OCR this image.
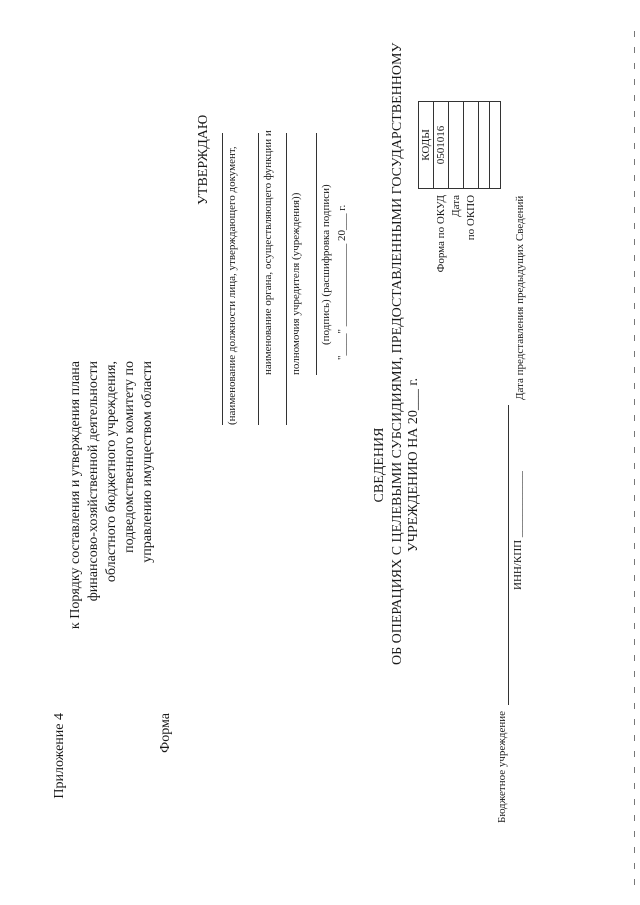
Приложение 4
к Порядку составления и утверждения плана финансово-хозяйственной деятельности областного бюджетного учреждения, подведомственного комитету по управлению имуществом области
Форма
УТВЕРЖДАЮ (наименование должности лица, утверждающего документ, наименование органа, осуществляющего функции и полномочия учредителя (учреждения)) (подпись) (расшифровка подписи) "____" _______________ 20___ г.
СВЕДЕНИЯ ОБ ОПЕРАЦИЯХ С ЦЕЛЕВЫМИ СУБСИДИЯМИ, ПРЕДОСТАВЛЕННЫМИ ГОСУДАРСТВЕННОМУ УЧРЕЖДЕНИЮ НА 20___ г.
	КОДЫ
Форма по ОКУД	0501016
Дата	
по ОКПО	

Бюджетное учреждение
ИНН/КПП ____________
Дата представления предыдущих Сведений
